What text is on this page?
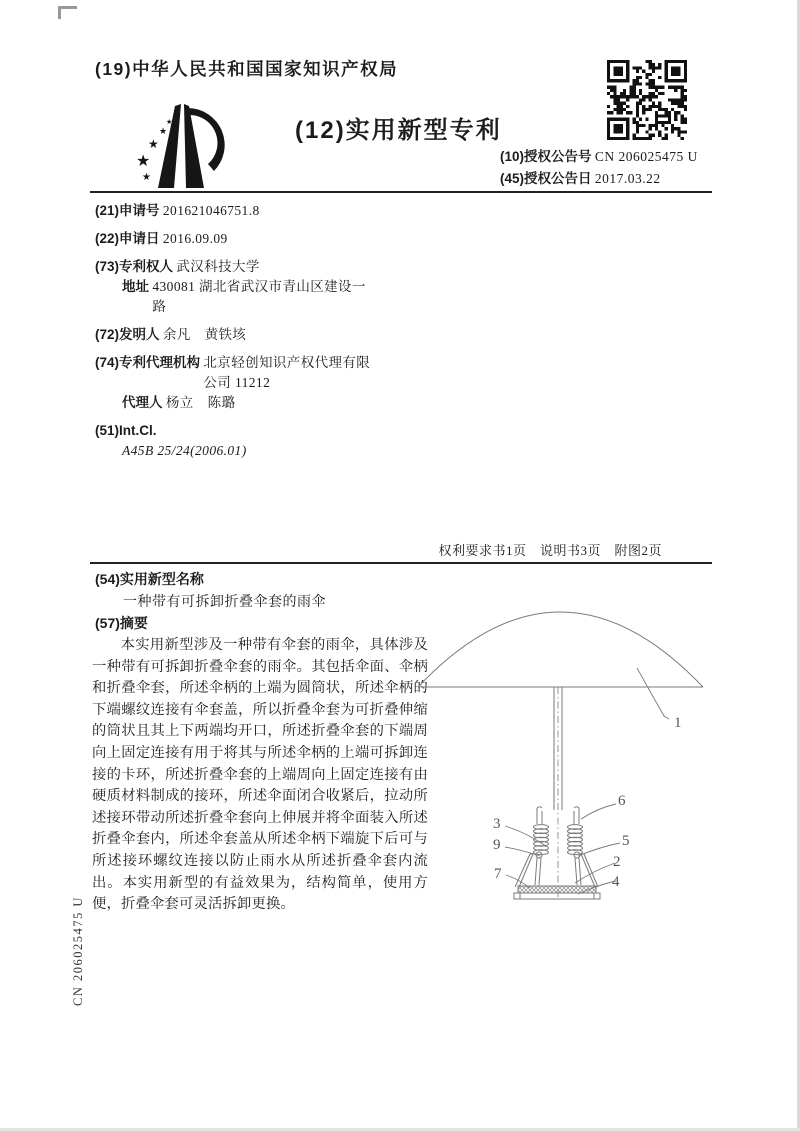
(19)中华人民共和国国家知识产权局
★
★
★
★
★	(12)实用新型专利
(10)授权公告号 CN 206025475 U
(45)授权公告日 2017.03.22
(21)申请号 201621046751.8
(22)申请日 2016.09.09
(73)专利权人 武汉科技大学
地址 430081 湖北省武汉市青山区建设一
路
(72)发明人 余凡　黄铁垓
(74)专利代理机构 北京轻创知识产权代理有限
公司 11212
代理人 杨立　陈璐
(51)Int.Cl.
A45B 25/24(2006.01)
权利要求书1页　说明书3页　附图2页
(54)实用新型名称
一种带有可拆卸折叠伞套的雨伞
(57)摘要
本实用新型涉及一种带有伞套的雨伞，具体涉及一种带有可拆卸折叠伞套的雨伞。其包括伞面、伞柄和折叠伞套，所述伞柄的上端为圆筒状，所述伞柄的下端螺纹连接有伞套盖，所以折叠伞套为可折叠伸缩的筒状且其上下两端均开口，所述折叠伞套的下端周向上固定连接有用于将其与所述伞柄的上端可拆卸连接的卡环，所述折叠伞套的上端周向上固定连接有由硬质材料制成的接环，所述伞面闭合收紧后，拉动所述接环带动所述折叠伞套向上伸展并将伞面装入所述折叠伞套内，所述伞套盖从所述伞柄下端旋下后可与所述接环螺纹连接以防止雨水从所述折叠伞套内流出。本实用新型的有益效果为，结构简单，使用方便，折叠伞套可灵活拆卸更换。
1
6
3
9	5
2
7	4
CN 206025475 U
